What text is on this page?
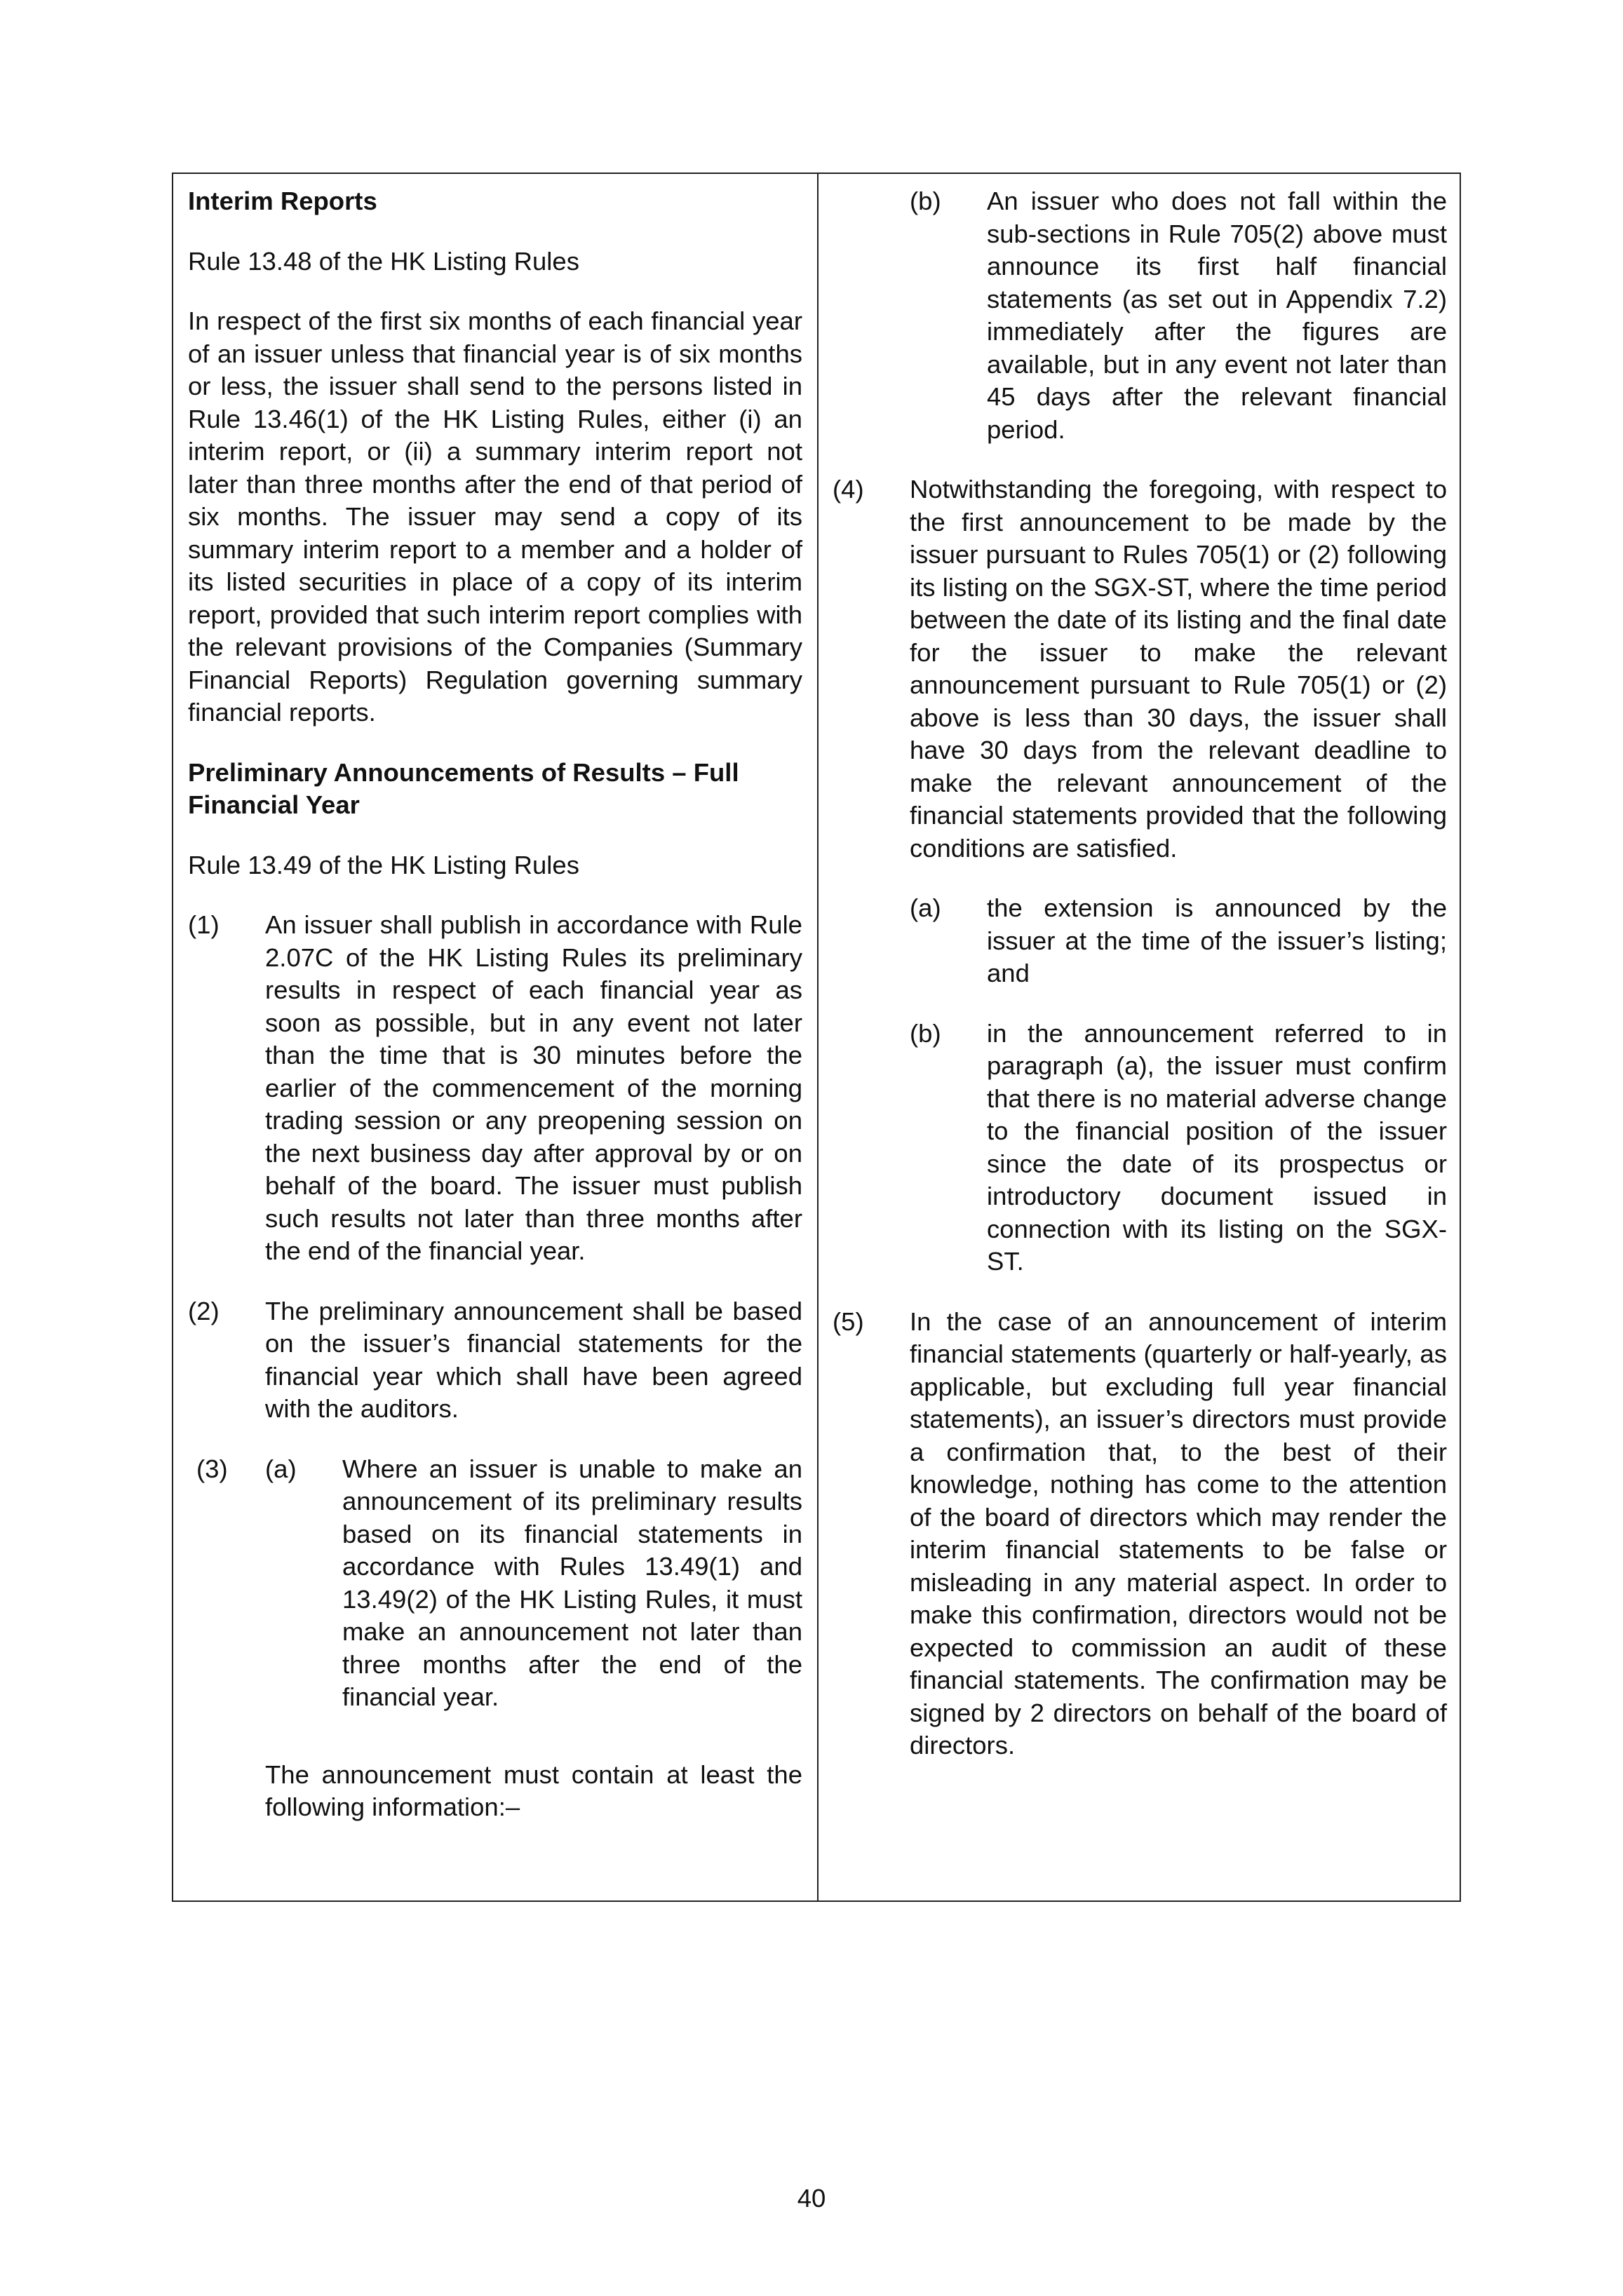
Interim Reports

Rule 13.48 of the HK Listing Rules

In respect of the first six months of each financial year of an issuer unless that financial year is of six months or less, the issuer shall send to the persons listed in Rule 13.46(1) of the HK Listing Rules, either (i) an interim report, or (ii) a summary interim report not later than three months after the end of that period of six months. The issuer may send a copy of its summary interim report to a member and a holder of its listed securities in place of a copy of its interim report, provided that such interim report complies with the relevant provisions of the Companies (Summary Financial Reports) Regulation governing summary financial reports.

Preliminary Announcements of Results – Full Financial Year

Rule 13.49 of the HK Listing Rules

(1) An issuer shall publish in accordance with Rule 2.07C of the HK Listing Rules its preliminary results in respect of each financial year as soon as possible, but in any event not later than the time that is 30 minutes before the earlier of the commencement of the morning trading session or any preopening session on the next business day after approval by or on behalf of the board. The issuer must publish such results not later than three months after the end of the financial year.

(2) The preliminary announcement shall be based on the issuer’s financial statements for the financial year which shall have been agreed with the auditors.

(3) (a) Where an issuer is unable to make an announcement of its preliminary results based on its financial statements in accordance with Rules 13.49(1) and 13.49(2) of the HK Listing Rules, it must make an announcement not later than three months after the end of the financial year.

The announcement must contain at least the following information:–

(b) An issuer who does not fall within the sub-sections in Rule 705(2) above must announce its first half financial statements (as set out in Appendix 7.2) immediately after the figures are available, but in any event not later than 45 days after the relevant financial period.

(4) Notwithstanding the foregoing, with respect to the first announcement to be made by the issuer pursuant to Rules 705(1) or (2) following its listing on the SGX-ST, where the time period between the date of its listing and the final date for the issuer to make the relevant announcement pursuant to Rule 705(1) or (2) above is less than 30 days, the issuer shall have 30 days from the relevant deadline to make the relevant announcement of the financial statements provided that the following conditions are satisfied.

(a) the extension is announced by the issuer at the time of the issuer’s listing; and

(b) in the announcement referred to in paragraph (a), the issuer must confirm that there is no material adverse change to the financial position of the issuer since the date of its prospectus or introductory document issued in connection with its listing on the SGX-ST.

(5) In the case of an announcement of interim financial statements (quarterly or half-yearly, as applicable, but excluding full year financial statements), an issuer’s directors must provide a confirmation that, to the best of their knowledge, nothing has come to the attention of the board of directors which may render the interim financial statements to be false or misleading in any material aspect. In order to make this confirmation, directors would not be expected to commission an audit of these financial statements. The confirmation may be signed by 2 directors on behalf of the board of directors.

40
